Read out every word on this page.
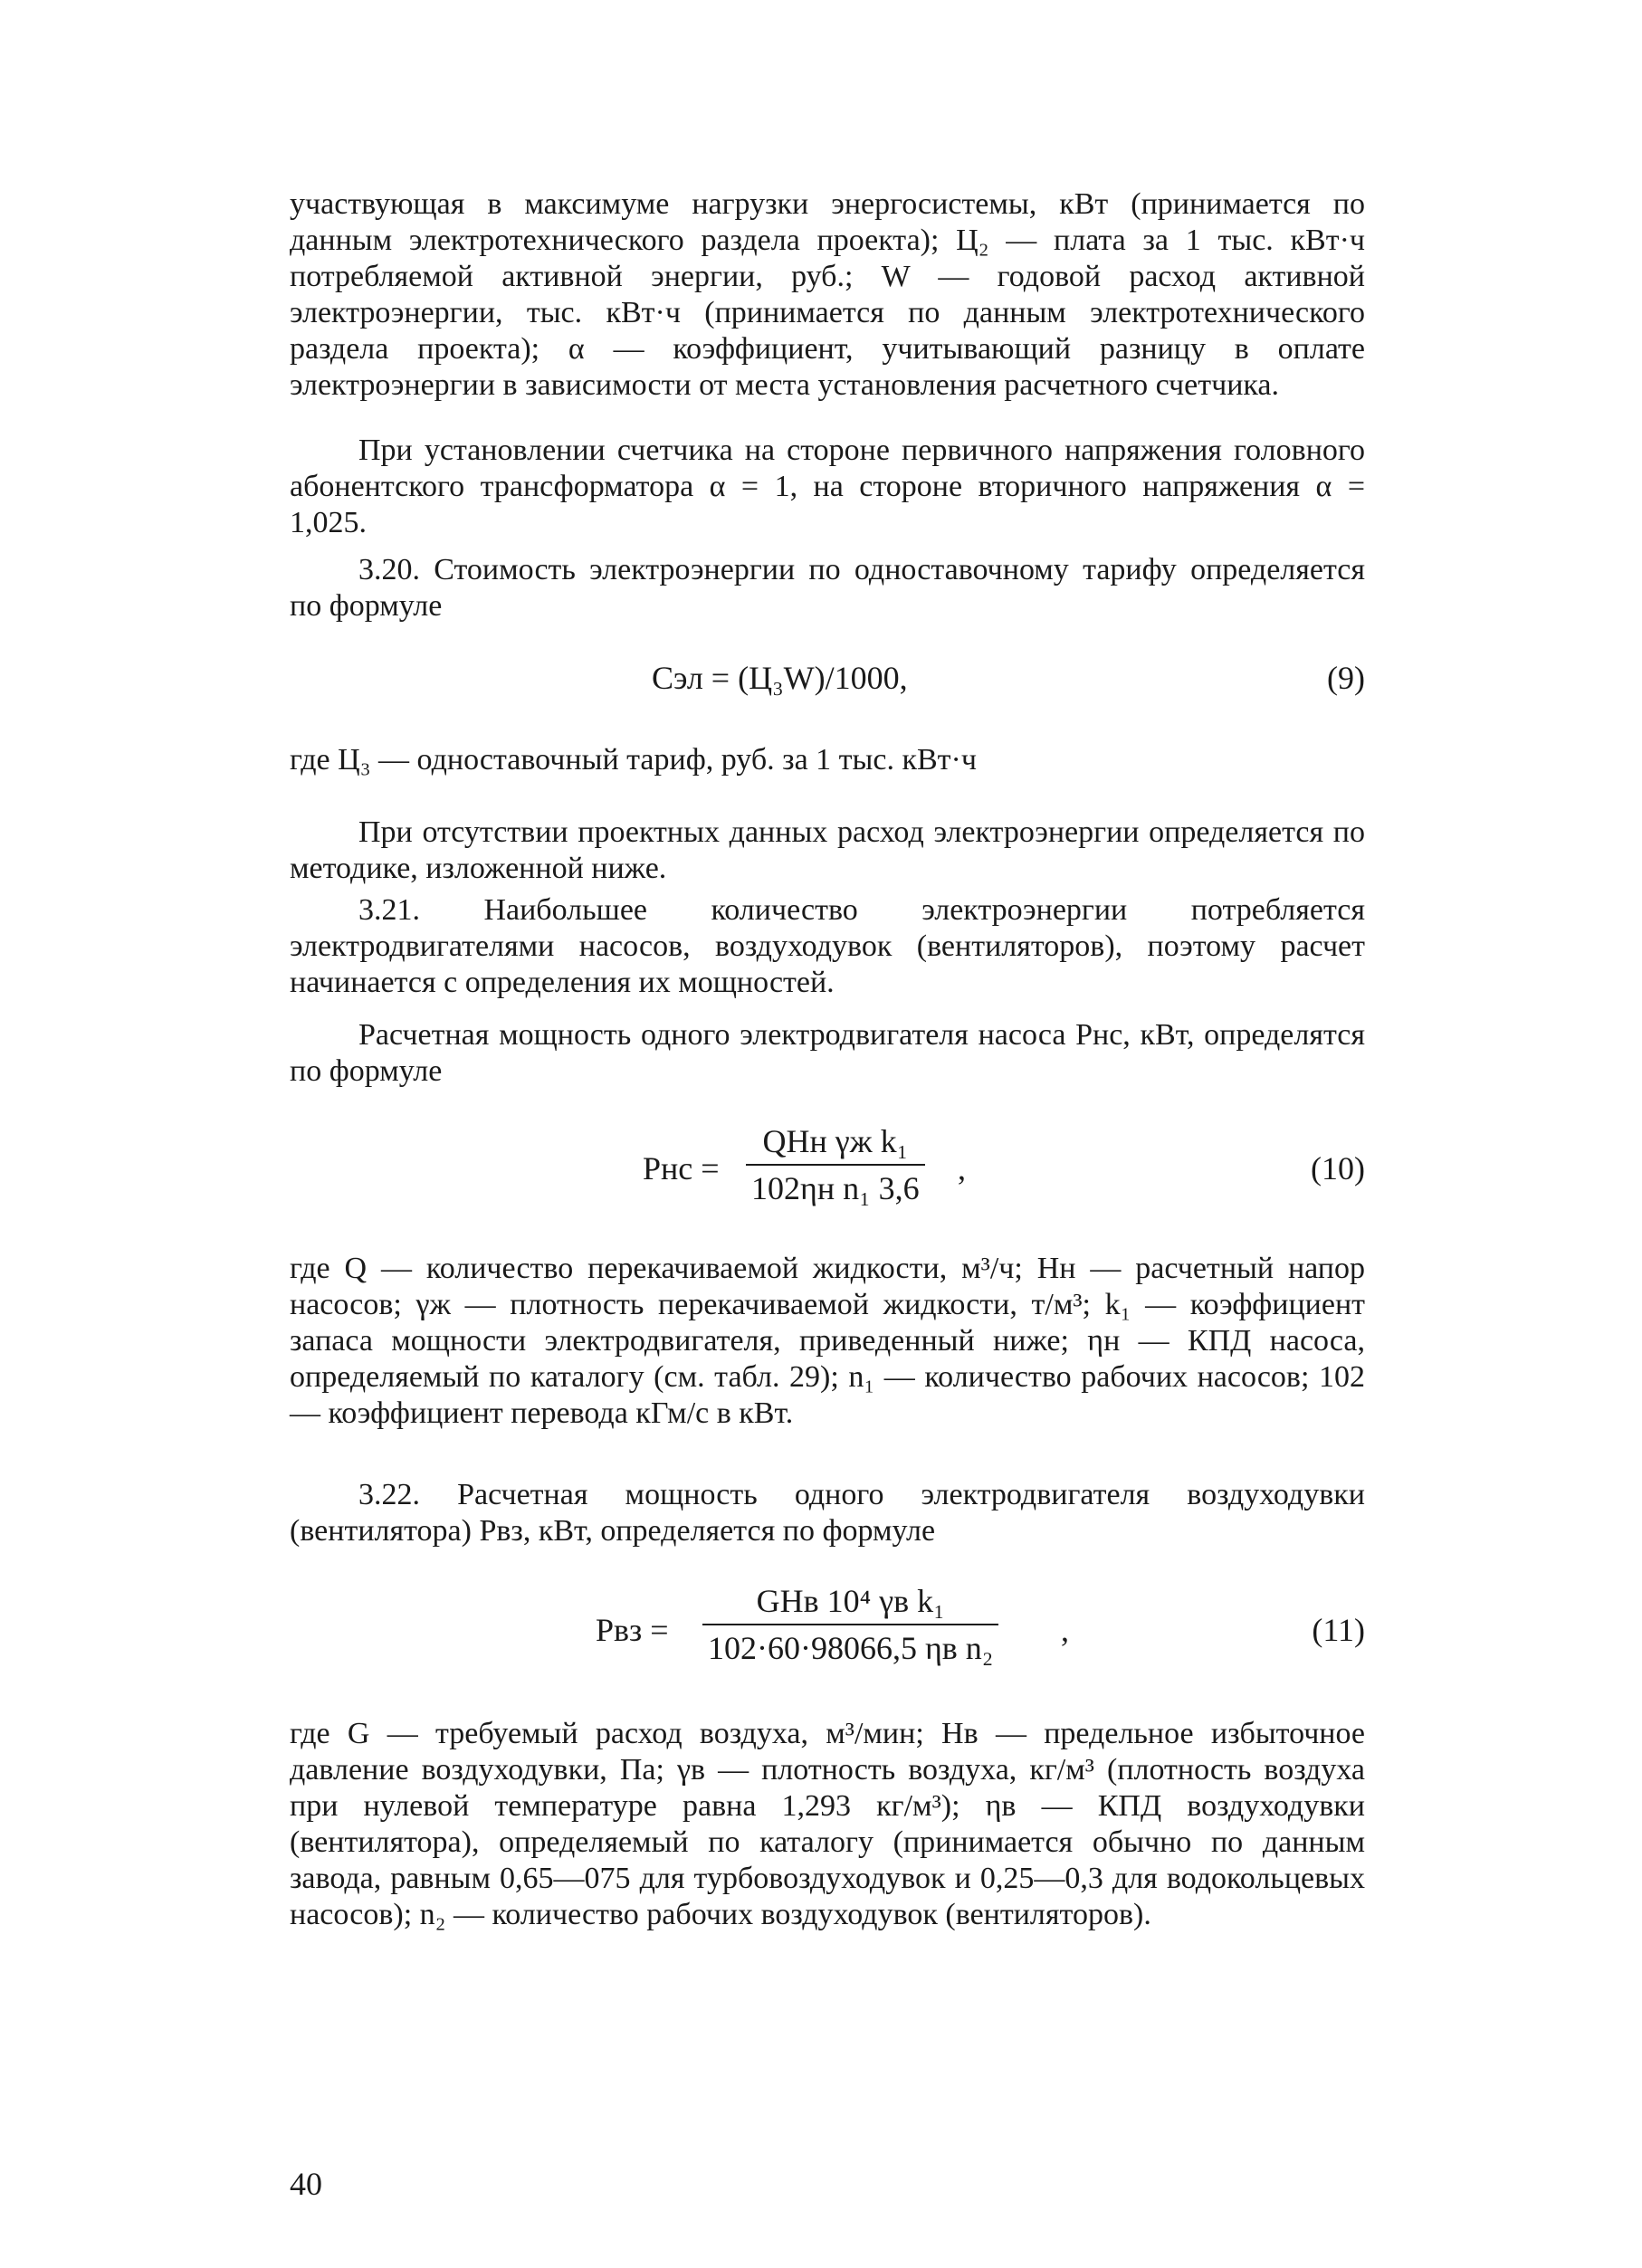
участвующая в максимуме нагрузки энергосистемы, кВт (принимается по данным электротехнического раздела проекта); Ц₂ — плата за 1 тыс. кВт·ч потребляемой активной энергии, руб.; W — годовой расход активной электроэнергии, тыс. кВт·ч (принимается по данным электротехнического раздела проекта); α — коэффициент, учитывающий разницу в оплате электроэнергии в зависимости от места установления расчетного счетчика.

При установлении счетчика на стороне первичного напряжения головного абонентского трансформатора α = 1, на стороне вторичного напряжения α = 1,025.

3.20. Стоимость электроэнергии по одноставочному тарифу определяется по формуле

Cэл = (Ц₃W)/1000,	(9)

где Ц₃ — одноставочный тариф, руб. за 1 тыс. кВт·ч

При отсутствии проектных данных расход электроэнергии определяется по методике, изложенной ниже.

3.21. Наибольшее количество электроэнергии потребляется электродвигателями насосов, воздуходувок (вентиляторов), поэтому расчет начинается с определения их мощностей.

Расчетная мощность одного электродвигателя насоса Pнс, кВт, определятся по формуле

Pнс =
QHн γж k₁
102ηн n₁ 3,6
,	(10)

где Q — количество перекачиваемой жидкости, м³/ч; Hн — расчетный напор насосов; γж — плотность перекачиваемой жидкости, т/м³; k₁ — коэффициент запаса мощности электродвигателя, приведенный ниже; ηн — КПД насоса, определяемый по каталогу (см. табл. 29); n₁ — количество рабочих насосов; 102 — коэффициент перевода кГм/с в кВт.

3.22. Расчетная мощность одного электродвигателя воздуходувки (вентилятора) Pвз, кВт, определяется по формуле

Pвз =
GHв 10⁴ γв k₁
102·60·98066,5 ηв n₂ ,	(11)

где G — требуемый расход воздуха, м³/мин; Hв — предельное избыточное давление воздуходувки, Па; γв — плотность воздуха, кг/м³ (плотность воздуха при нулевой температуре равна 1,293 кг/м³); ηв — КПД воздуходувки (вентилятора), определяемый по каталогу (принимается обычно по данным завода, равным 0,65—075 для турбовоздуходувок и 0,25—0,3 для водокольцевых насосов); n₂ — количество рабочих воздуходувок (вентиляторов).

40
